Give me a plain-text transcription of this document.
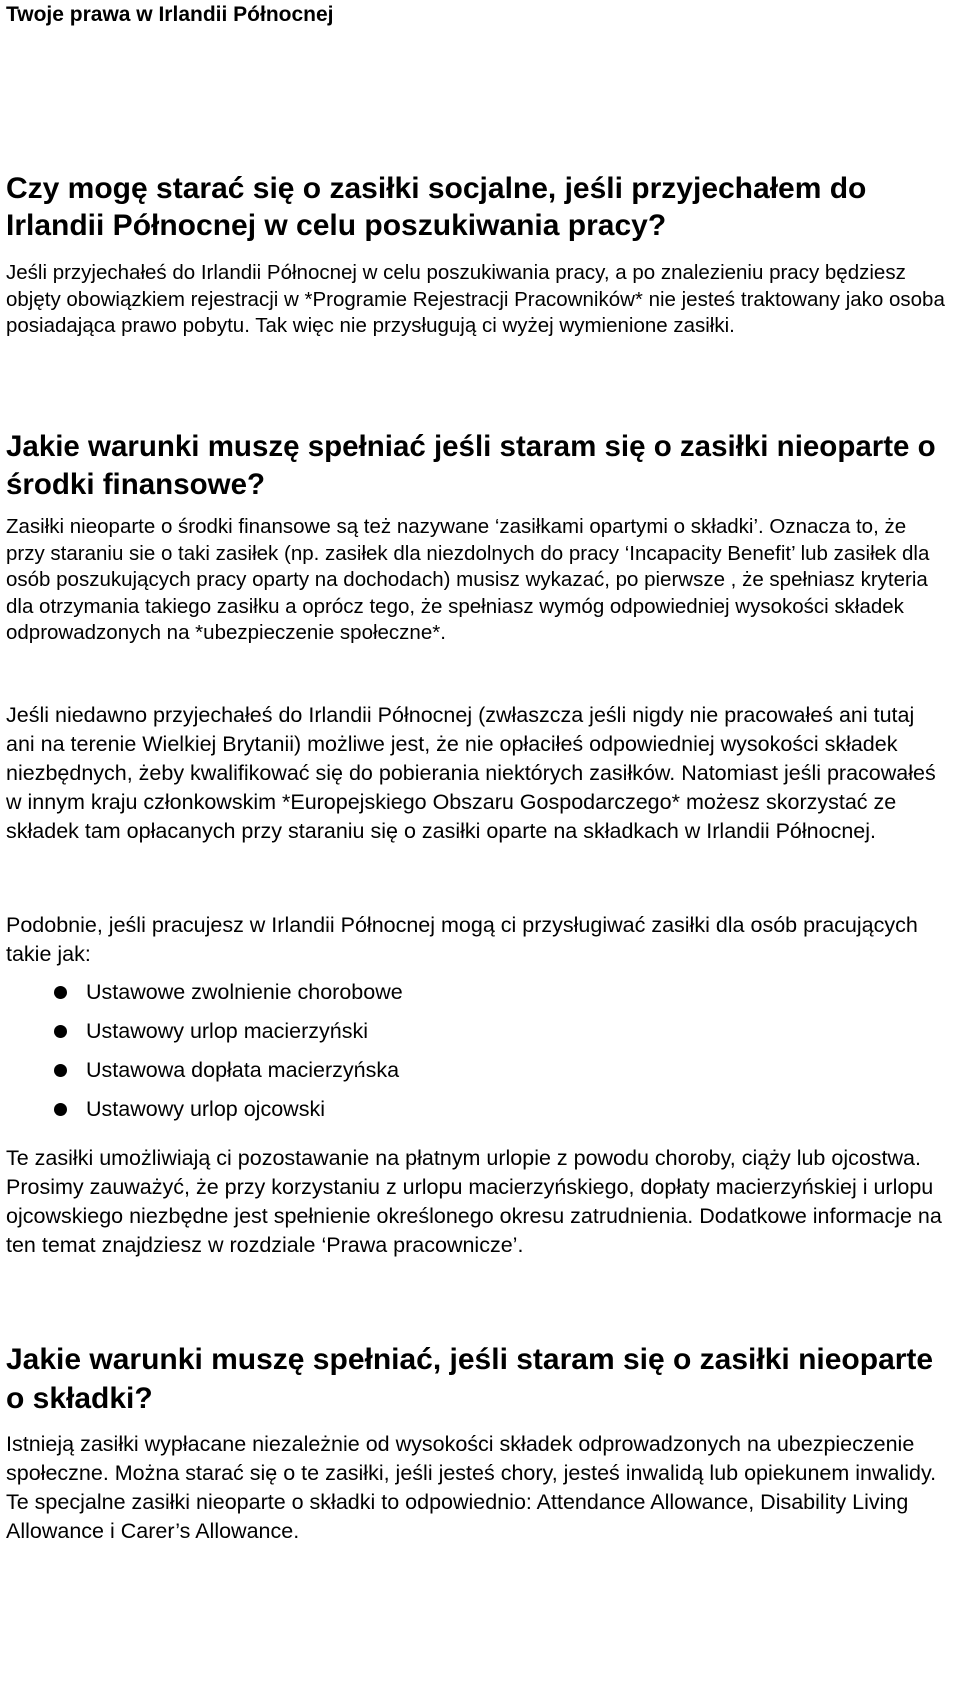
Twoje prawa w Irlandii Północnej
Czy mogę starać się o zasiłki socjalne, jeśli przyjechałem do Irlandii Północnej w celu poszukiwania pracy?

Jeśli przyjechałeś do Irlandii Północnej w celu poszukiwania pracy, a po znalezieniu pracy będziesz objęty obowiązkiem rejestracji w *Programie Rejestracji Pracowników* nie jesteś traktowany jako osoba posiadająca prawo pobytu. Tak więc nie przysługują ci wyżej wymienione zasiłki.

Jakie warunki muszę spełniać jeśli staram się o zasiłki nieoparte o środki finansowe?

Zasiłki nieoparte o środki finansowe są też nazywane ‘zasiłkami opartymi o składki’. Oznacza to, że przy staraniu sie o taki zasiłek (np. zasiłek dla niezdolnych do pracy ‘Incapacity Benefit’ lub zasiłek dla osób poszukujących pracy oparty na dochodach) musisz wykazać, po pierwsze , że spełniasz kryteria dla otrzymania takiego zasiłku a oprócz tego, że spełniasz wymóg odpowiedniej wysokości składek odprowadzonych na *ubezpieczenie społeczne*.

Jeśli niedawno przyjechałeś do Irlandii Północnej (zwłaszcza jeśli nigdy nie pracowałeś ani tutaj ani na terenie Wielkiej Brytanii) możliwe jest, że nie opłaciłeś odpowiedniej wysokości składek niezbędnych, żeby kwalifikować się do pobierania niektórych zasiłków. Natomiast jeśli pracowałeś w innym kraju członkowskim *Europejskiego Obszaru Gospodarczego* możesz skorzystać ze składek tam opłacanych przy staraniu się o zasiłki oparte na składkach w Irlandii Północnej.

Podobnie, jeśli pracujesz w Irlandii Północnej mogą ci przysługiwać zasiłki dla osób pracujących takie jak:

Ustawowe zwolnienie chorobowe
Ustawowy urlop macierzyński
Ustawowa dopłata macierzyńska
Ustawowy urlop ojcowski

Te zasiłki umożliwiają ci pozostawanie na płatnym urlopie z powodu choroby, ciąży lub ojcostwa. Prosimy zauważyć, że przy korzystaniu z urlopu macierzyńskiego, dopłaty macierzyńskiej i urlopu ojcowskiego niezbędne jest spełnienie określonego okresu zatrudnienia. Dodatkowe informacje na ten temat znajdziesz w rozdziale ‘Prawa pracownicze’.

Jakie warunki muszę spełniać, jeśli staram się o zasiłki nieoparte o składki?

Istnieją zasiłki wypłacane niezależnie od wysokości składek odprowadzonych na ubezpieczenie społeczne. Można starać się o te zasiłki, jeśli jesteś chory, jesteś inwalidą lub opiekunem inwalidy. Te specjalne zasiłki nieoparte o składki to odpowiednio: Attendance Allowance, Disability Living Allowance i Carer’s Allowance.
